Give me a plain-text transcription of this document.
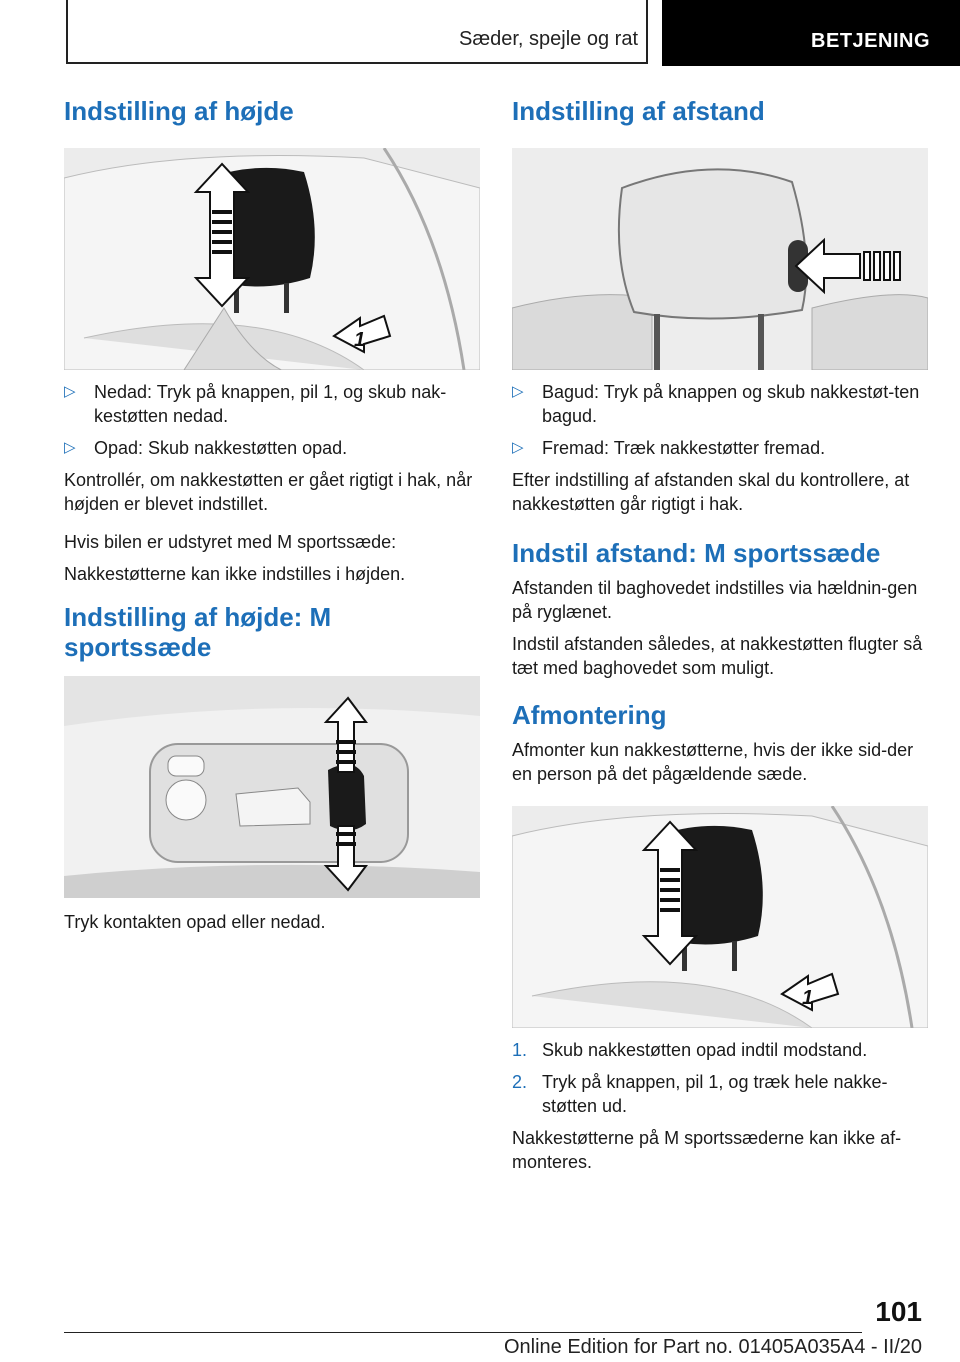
Sæder, spejle og rat	BETJENING
Indstilling af højde
1
▷ Nedad: Tryk på knappen, pil 1, og skub nak-kestøtten nedad.
▷ Opad: Skub nakkestøtten opad.

Kontrollér, om nakkestøtten er gået rigtigt i hak, når højden er blevet indstillet.

Hvis bilen er udstyret med M sportssæde:

Nakkestøtterne kan ikke indstilles i højden.

Indstilling af højde: M sportssæde

Tryk kontakten opad eller nedad.

Indstilling af afstand
▷ Bagud: Tryk på knappen og skub nakkestøt-ten bagud.
▷ Fremad: Træk nakkestøtter fremad.

Efter indstilling af afstanden skal du kontrollere, at nakkestøtten går rigtigt i hak.

Indstil afstand: M sportssæde

Afstanden til baghovedet indstilles via hældnin-gen på ryglænet.

Indstil afstanden således, at nakkestøtten flugter så tæt med baghovedet som muligt.

Afmontering

Afmonter kun nakkestøtterne, hvis der ikke sid-der en person på det pågældende sæde.

1
1. Skub nakkestøtten opad indtil modstand.
2. Tryk på knappen, pil 1, og træk hele nakke-støtten ud.

Nakkestøtterne på M sportssæderne kan ikke af-monteres.

101
Online Edition for Part no. 01405A035A4 - II/20
